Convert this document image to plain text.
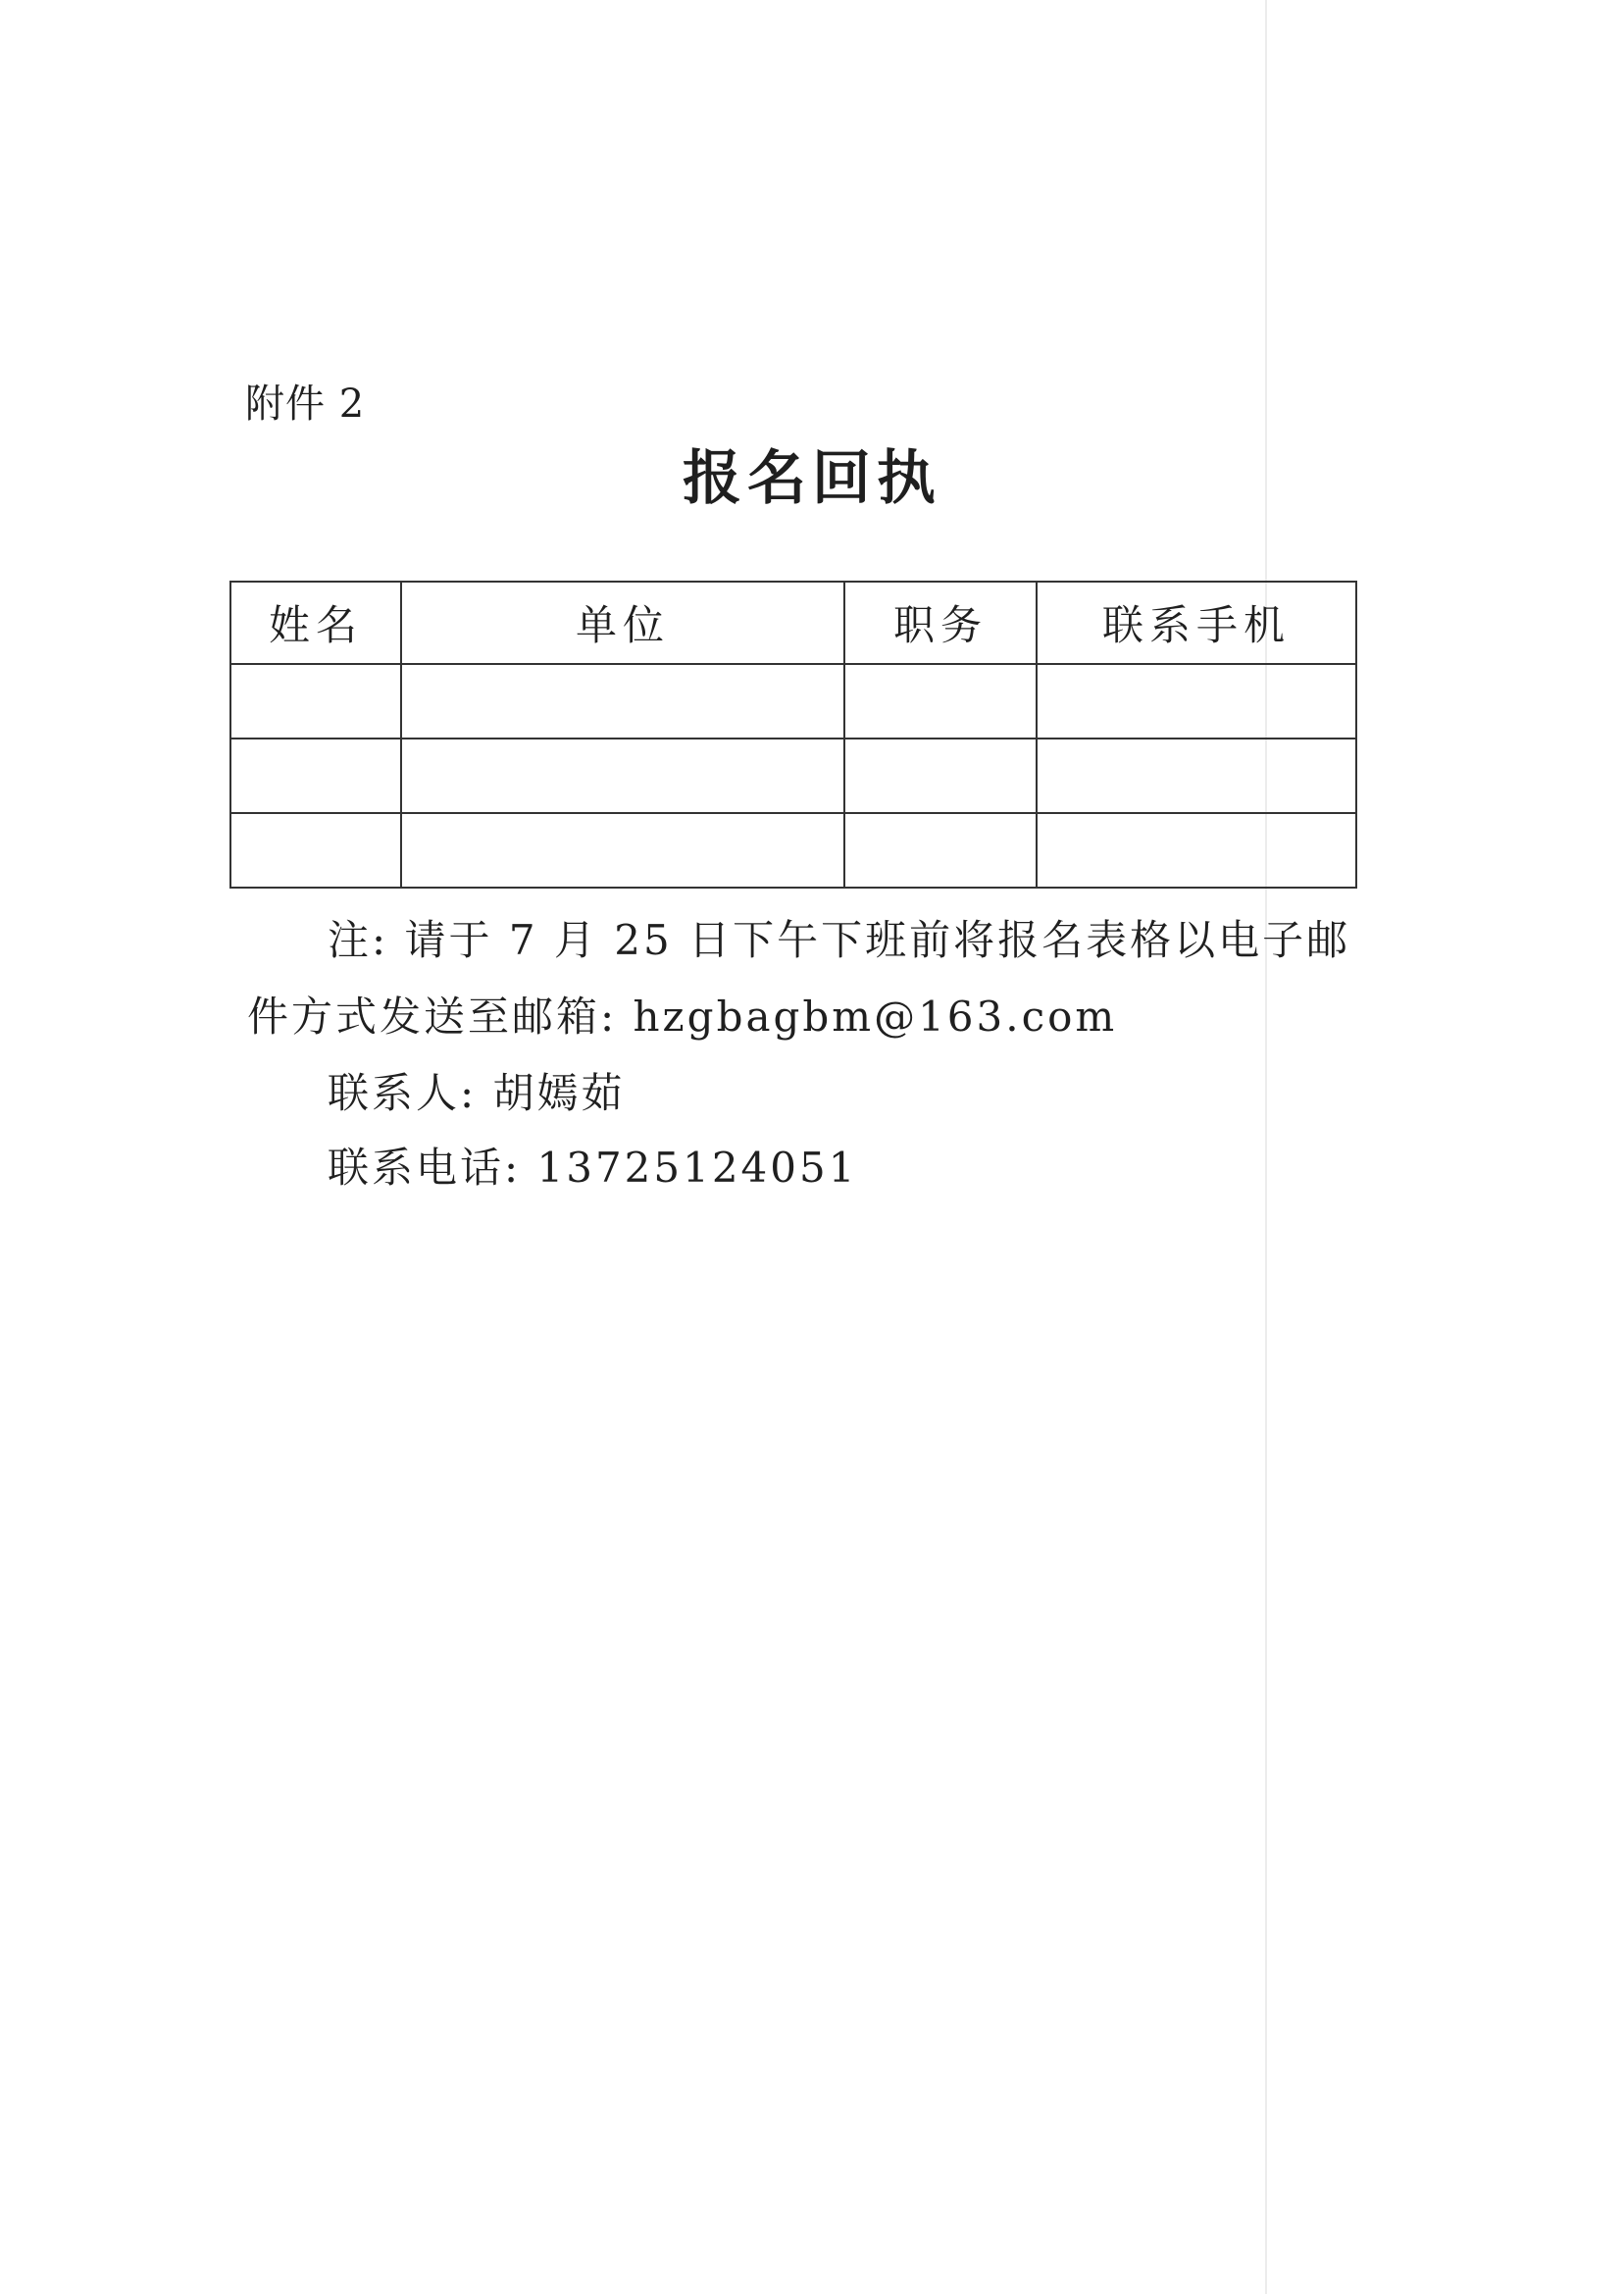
附件 2
报名回执
姓名	单位	职务	联系手机

注: 请于 7 月 25 日下午下班前将报名表格以电子邮件方式发送至邮箱: hzgbagbm@163.com
联系人: 胡嫣茹
联系电话: 13725124051
